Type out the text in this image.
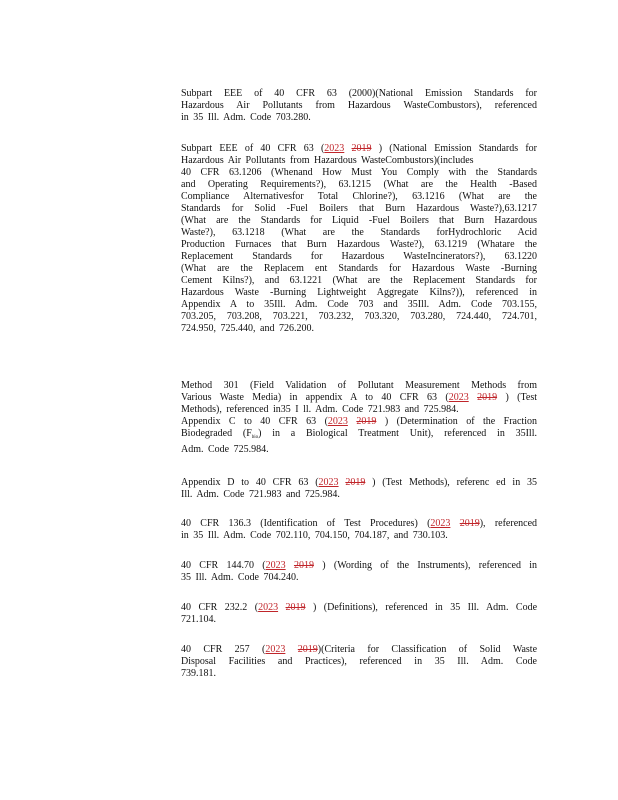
Subpart EEE of 40 CFR 63 (2000)(National Emission Standards for
Hazardous Air Pollutants from Hazardous WasteCombustors), referenced
in 35 Ill. Adm. Code 703.280.
Subpart EEE of 40 CFR 63 (2023 2019 ) (National Emission Standards for
Hazardous Air Pollutants from Hazardous WasteCombustors)(includes
40 CFR 63.1206 (Whenand How Must You Comply with the Standards
and Operating Requirements?), 63.1215 (What are the Health -Based
Compliance Alternativesfor Total Chlorine?), 63.1216 (What are the
Standards for Solid -Fuel Boilers that Burn Hazardous Waste?),63.1217
(What are the Standards for Liquid -Fuel Boilers that Burn Hazardous
Waste?), 63.1218 (What are the Standards forHydrochloric Acid
Production Furnaces that Burn Hazardous Waste?), 63.1219 (Whatare the
Replacement Standards for Hazardous WasteIncinerators?), 63.1220
(What are the Replacem ent Standards for Hazardous Waste -Burning
Cement Kilns?), and 63.1221 (What are the Replacement Standards for
Hazardous Waste -Burning Lightweight Aggregate Kilns?)), referenced in
Appendix A to 35Ill. Adm. Code 703 and 35Ill. Adm. Code 703.155,
703.205, 703.208, 703.221, 703.232, 703.320, 703.280, 724.440, 724.701,
724.950, 725.440, and 726.200.
Method 301 (Field Validation of Pollutant Measurement Methods from
Various Waste Media) in appendix A to 40 CFR 63 (2023 2019 ) (Test
Methods), referenced in35 I ll. Adm. Code 721.983 and 725.984.
Appendix C to 40 CFR 63 (2023 2019 ) (Determination of the Fraction
Biodegraded $(F_{bio})$ in a Biological Treatment Unit), referenced in 35Ill.
Adm. Code 725.984.
Appendix D to 40 CFR 63 (2023 2019 ) (Test Methods), referenc ed in 35
Ill. Adm. Code 721.983 and 725.984.
40 CFR 136.3 (Identification of Test Procedures) (2023 2019), referenced
in 35 Ill. Adm. Code 702.110, 704.150, 704.187, and 730.103.
40 CFR 144.70 (2023 2019 ) (Wording of the Instruments), referenced in
35 Ill. Adm. Code 704.240.
40 CFR 232.2 (2023 2019 ) (Definitions), referenced in 35 Ill. Adm. Code
721.104.
40 CFR 257 (2023 2019)(Criteria for Classification of Solid Waste
Disposal Facilities and Practices), referenced in 35 Ill. Adm. Code
739.181.
